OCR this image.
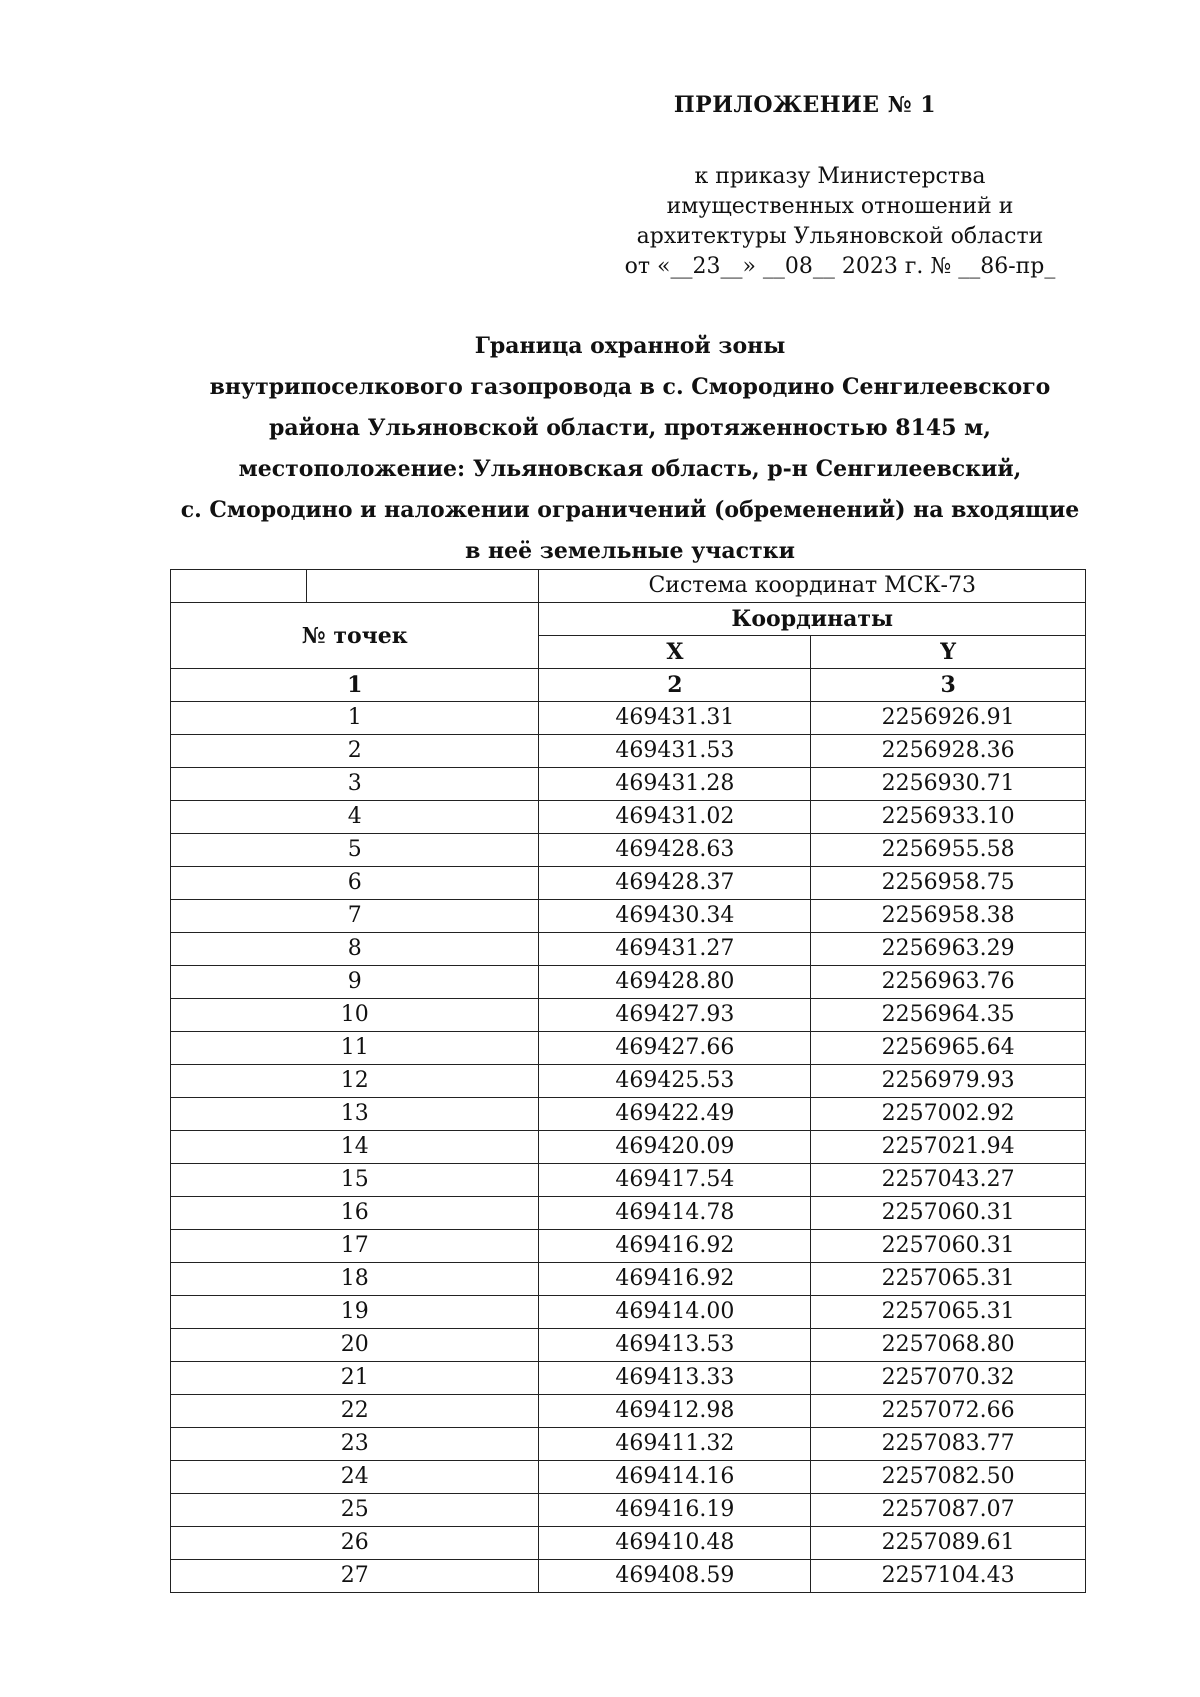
ПРИЛОЖЕНИЕ № 1
к приказу Министерства
имущественных отношений и
архитектуры Ульяновской области
от «__23__» __08__ 2023 г. № __86-пр_
Граница охранной зоны
внутрипоселкового газопровода в с. Смородино Сенгилеевского
района Ульяновской области, протяженностью 8145 м,
местоположение: Ульяновская область, р-н Сенгилеевский,
с. Смородино и наложении ограничений (обременений) на входящие
в неё земельные участки
		Система координат МСК-73	
№ точек		Координаты	
		X	Y
1		2	3
1		469431.31	2256926.91
2		469431.53	2256928.36
3		469431.28	2256930.71
4		469431.02	2256933.10
5		469428.63	2256955.58
6		469428.37	2256958.75
7		469430.34	2256958.38
8		469431.27	2256963.29
9		469428.80	2256963.76
10		469427.93	2256964.35
11		469427.66	2256965.64
12		469425.53	2256979.93
13		469422.49	2257002.92
14		469420.09	2257021.94
15		469417.54	2257043.27
16		469414.78	2257060.31
17		469416.92	2257060.31
18		469416.92	2257065.31
19		469414.00	2257065.31
20		469413.53	2257068.80
21		469413.33	2257070.32
22		469412.98	2257072.66
23		469411.32	2257083.77
24		469414.16	2257082.50
25		469416.19	2257087.07
26		469410.48	2257089.61
27		469408.59	2257104.43
